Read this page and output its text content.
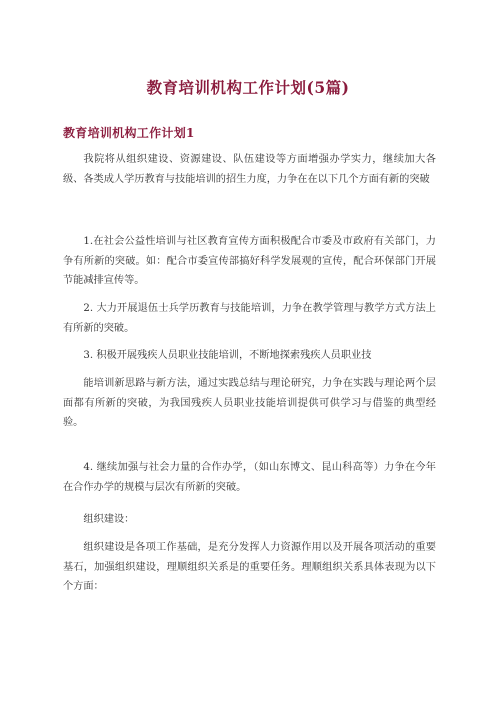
教育培训机构工作计划(5篇)
教育培训机构工作计划1

我院将从组织建设、资源建设、队伍建设等方面增强办学实力，继续加大各级、各类成人学历教育与技能培训的招生力度，力争在在以下几个方面有新的突破

1.在社会公益性培训与社区教育宣传方面积极配合市委及市政府有关部门，力争有所新的突破。如：配合市委宣传部搞好科学发展观的宣传，配合环保部门开展节能减排宣传等。

2. 大力开展退伍士兵学历教育与技能培训，力争在教学管理与教学方式方法上有所新的突破。

3. 积极开展残疾人员职业技能培训，不断地探索残疾人员职业技

能培训新思路与新方法，通过实践总结与理论研究，力争在实践与理论两个层面都有所新的突破，为我国残疾人员职业技能培训提供可供学习与借鉴的典型经验。

4. 继续加强与社会力量的合作办学，（如山东博文、昆山科高等）力争在今年在合作办学的规模与层次有所新的突破。

组织建设：

组织建设是各项工作基础，是充分发挥人力资源作用以及开展各项活动的重要基石，加强组织建设，理顺组织关系是的重要任务。理顺组织关系具体表现为以下个方面：
